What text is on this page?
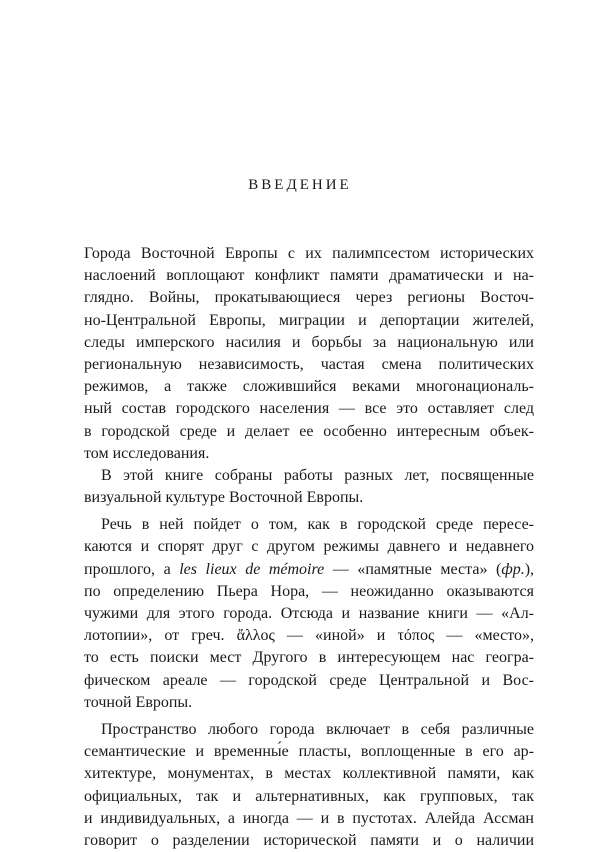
ВВЕДЕНИЕ
Города Восточной Европы с их палимпсестом исторических
наслоений воплощают конфликт памяти драматически и на-
глядно. Войны, прокатывающиеся через регионы Восточ-
но-Центральной Европы, миграции и депортации жителей,
следы имперского насилия и борьбы за национальную или
региональную независимость, частая смена политических
режимов, а также сложившийся веками многонациональ-
ный состав городского населения — все это оставляет след
в городской среде и делает ее особенно интересным объек-
том исследования.
В этой книге собраны работы разных лет, посвященные
визуальной культуре Восточной Европы.
Речь в ней пойдет о том, как в городской среде пересе-
каются и спорят друг с другом режимы давнего и недавнего
прошлого, а les lieux de mémoire — «памятные места» (фр.),
по определению Пьера Нора, — неожиданно оказываются
чужими для этого города. Отсюда и название книги — «Ал-
лотопии», от греч. ἄλλος — «иной» и τόπος — «место»,
то есть поиски мест Другого в интересующем нас геогра-
фическом ареале — городской среде Центральной и Вос-
точной Европы.
Пространство любого города включает в себя различные
семантические и временны́е пласты, воплощенные в его ар-
хитектуре, монументах, в местах коллективной памяти, как
официальных, так и альтернативных, как групповых, так
и индивидуальных, а иногда — и в пустотах. Алейда Ассман
говорит о разделении исторической памяти и о наличии
